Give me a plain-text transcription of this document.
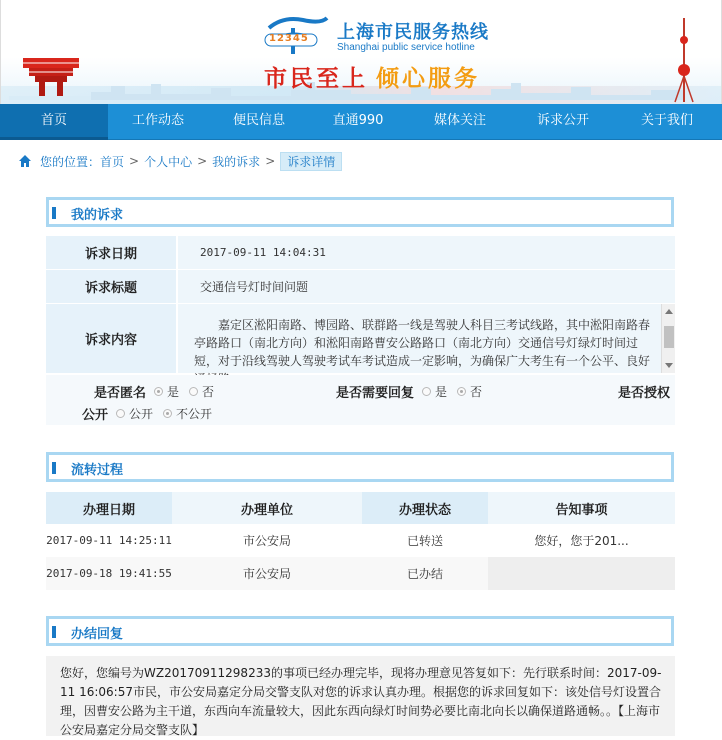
12345 上海市民服务热线
Shanghai public service hotline
市民至上 倾心服务
首页	工作动态	便民信息	直通990	媒体关注	诉求公开	关于我们
您的位置： 首页 > 个人中心 > 我的诉求 >	诉求详情
我的诉求
诉求日期	2017-09-11 14:04:31
诉求标题	交通信号灯时间问题
诉求内容
嘉定区淞阳南路、博园路、联群路一线是驾驶人科目三考试线路，其中淞阳南路春亭路路口（南北方向）和淞阳南路曹安公路路口（南北方向）交通信号灯绿灯时间过短，对于沿线驾驶人驾驶考试车考试造成一定影响，为确保广大考生有一个公平、良好
是否匿名 是 否	是否需要回复 是 否	是否授权
公开 公开 不公开
流转过程
办理日期	办理单位	办理状态	告知事项
2017-09-11 14:25:11	市公安局	已转送	您好，您于201...
2017-09-18 19:41:55	市公安局	已办结
办结回复
您好，您编号为WZ20170911298233的事项已经办理完毕，现将办理意见答复如下：先行联系时间：2017-09-11 16:06:57市民，市公安局嘉定分局交警支队对您的诉求认真办理。根据您的诉求回复如下：该处信号灯设置合理，因曹安公路为主干道，东西向车流量较大，因此东西向绿灯时间势必要比南北向长以确保道路通畅。。【上海市公安局嘉定分局交警支队】
